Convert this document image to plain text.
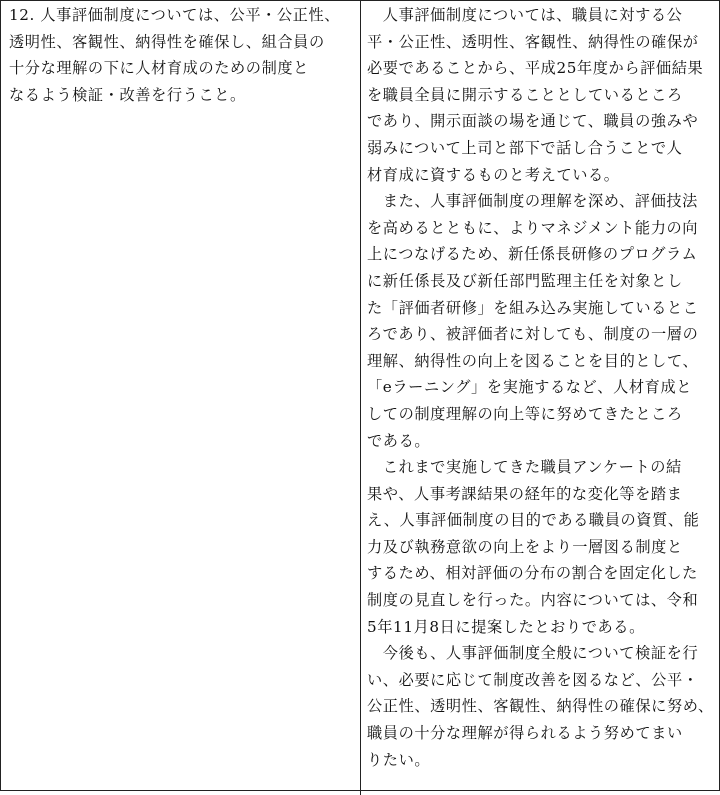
12. 人事評価制度については、公平・公正性、
透明性、客観性、納得性を確保し、組合員の
十分な理解の下に人材育成のための制度と
なるよう検証・改善を行うこと。
　人事評価制度については、職員に対する公
平・公正性、透明性、客観性、納得性の確保が
必要であることから、平成25年度から評価結果
を職員全員に開示することとしているところ
であり、開示面談の場を通じて、職員の強みや
弱みについて上司と部下で話し合うことで人
材育成に資するものと考えている。
　また、人事評価制度の理解を深め、評価技法
を高めるとともに、よりマネジメント能力の向
上につなげるため、新任係長研修のプログラム
に新任係長及び新任部門監理主任を対象とし
た「評価者研修」を組み込み実施しているとこ
ろであり、被評価者に対しても、制度の一層の
理解、納得性の向上を図ることを目的として、
「eラーニング」を実施するなど、人材育成と
しての制度理解の向上等に努めてきたところ
である。
　これまで実施してきた職員アンケートの結
果や、人事考課結果の経年的な変化等を踏ま
え、人事評価制度の目的である職員の資質、能
力及び執務意欲の向上をより一層図る制度と
するため、相対評価の分布の割合を固定化した
制度の見直しを行った。内容については、令和
5年11月8日に提案したとおりである。
　今後も、人事評価制度全般について検証を行
い、必要に応じて制度改善を図るなど、公平・
公正性、透明性、客観性、納得性の確保に努め、
職員の十分な理解が得られるよう努めてまい
りたい。
